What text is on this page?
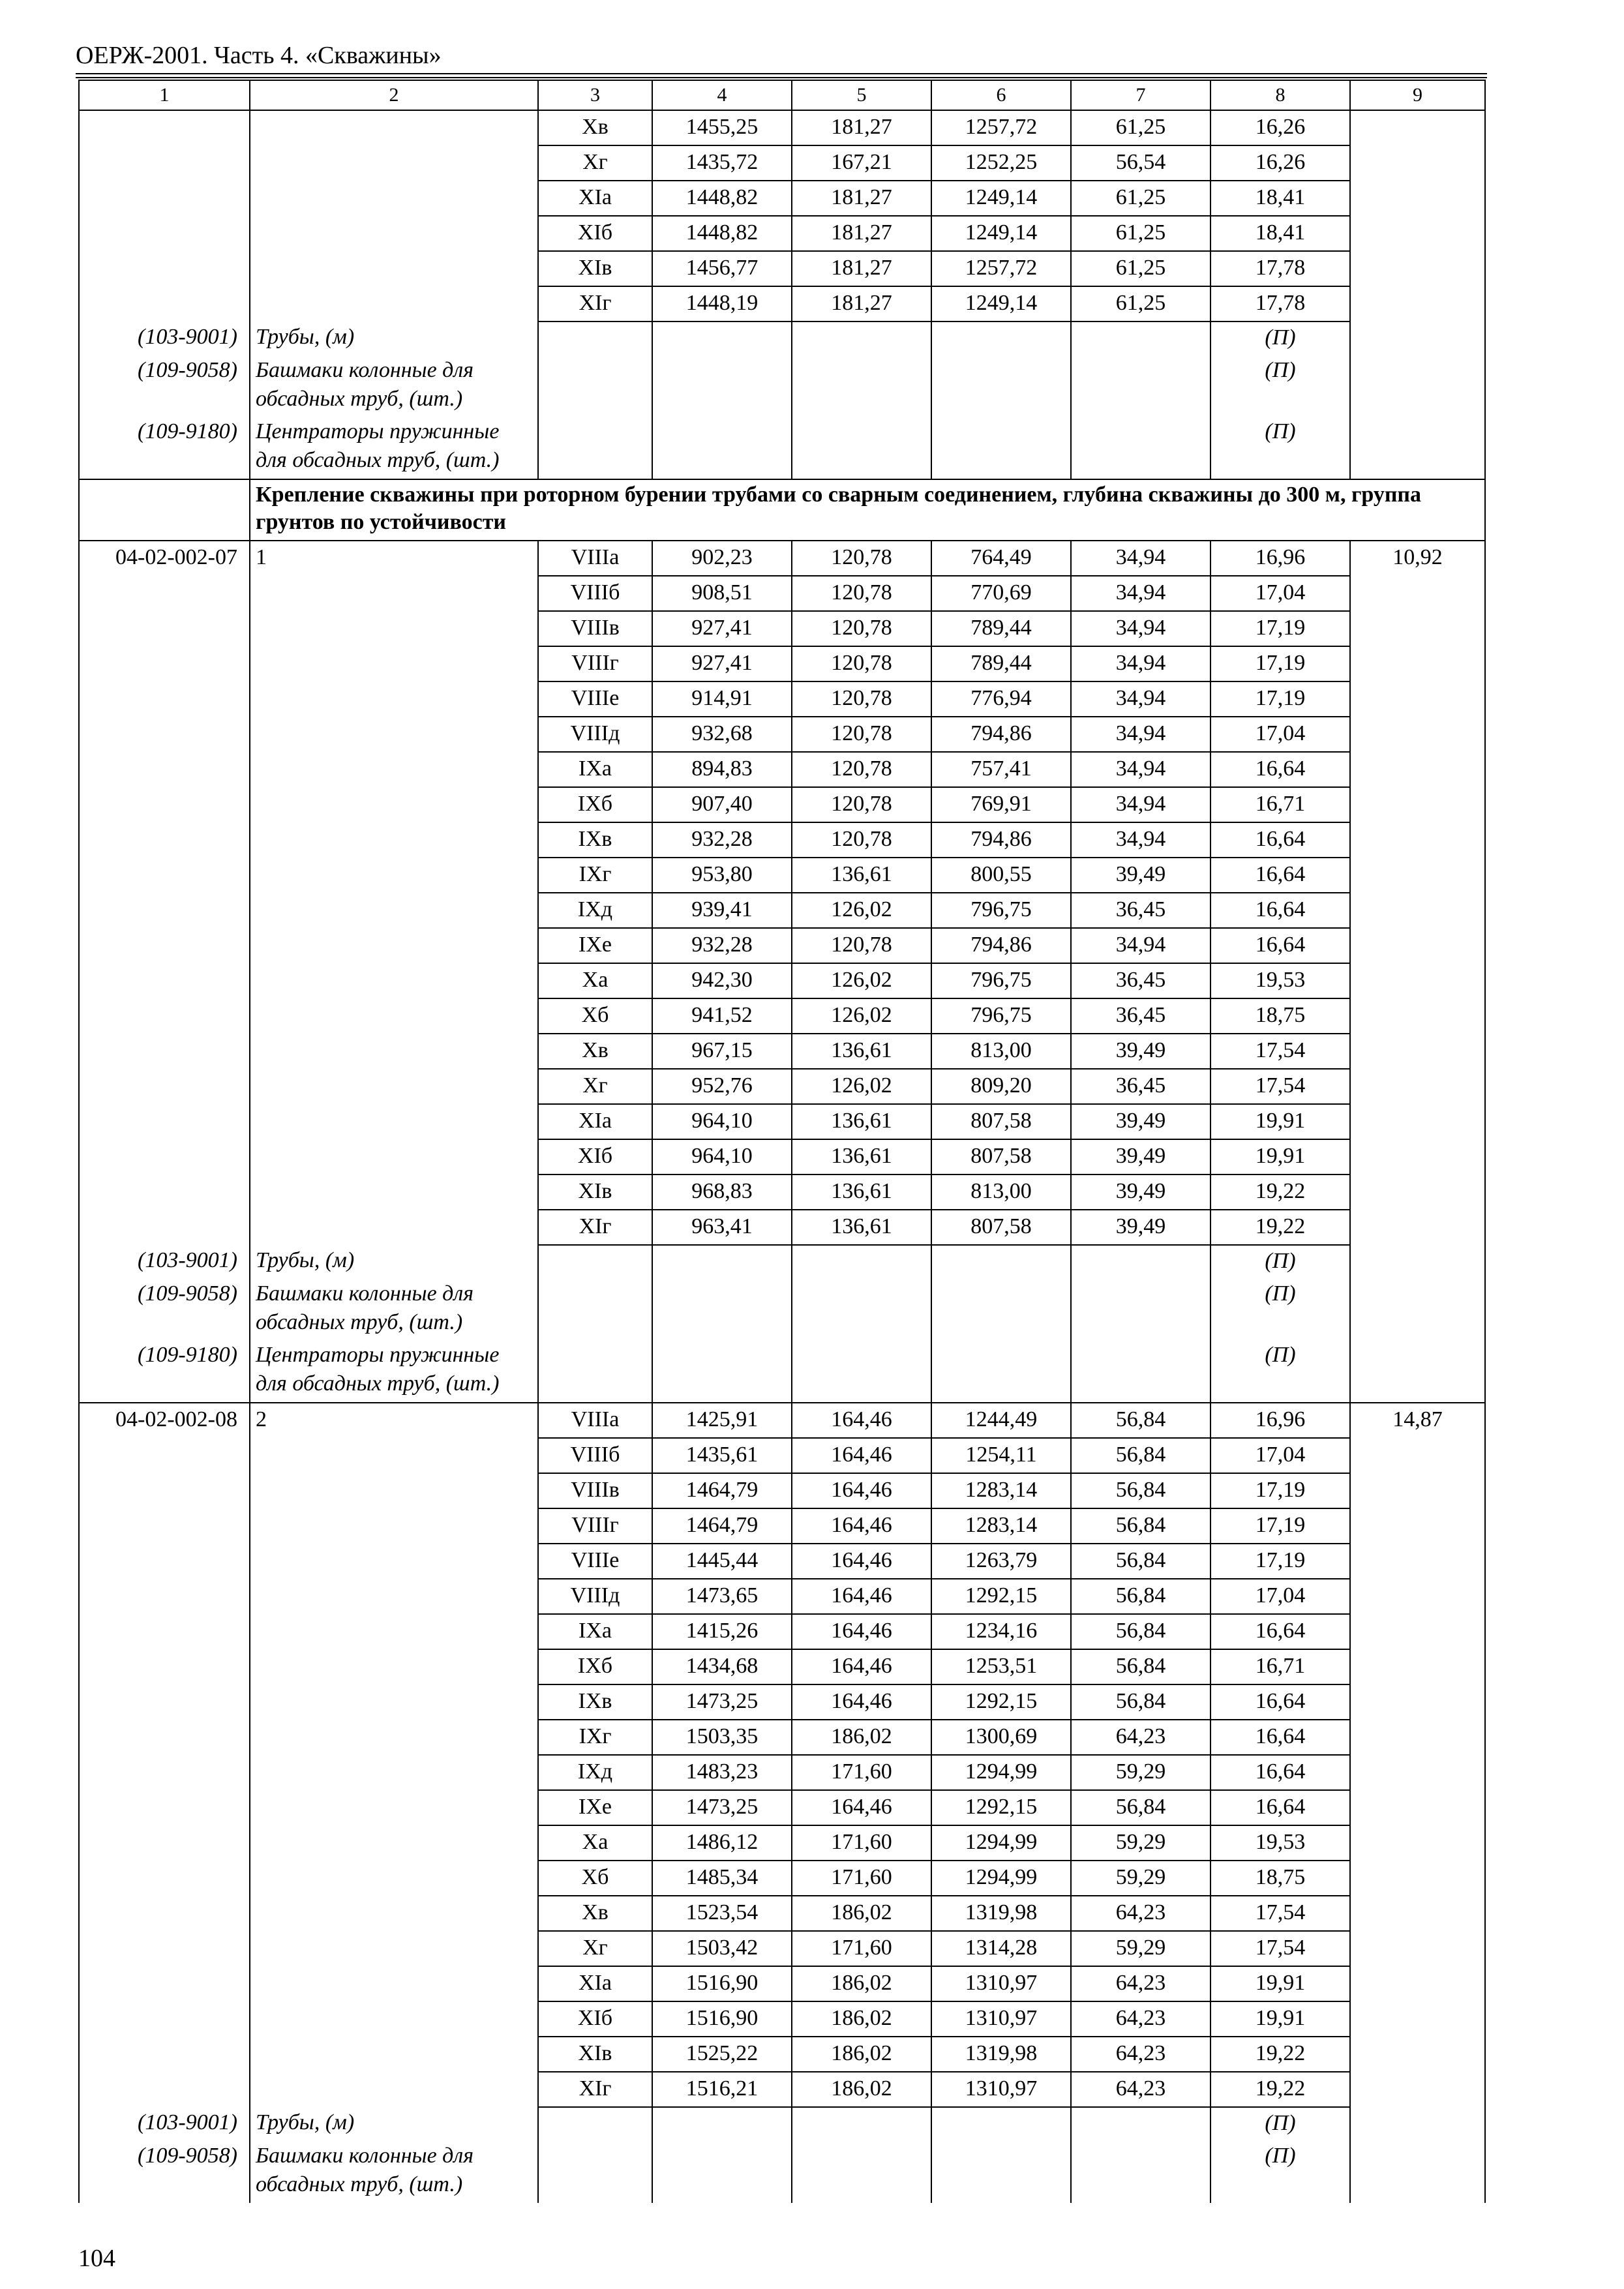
ОЕРЖ-2001. Часть 4. «Скважины»
1	2	3	4	5	6	7	8	9
		Хв	1455,25	181,27	1257,72	61,25	16,26	
		Хг	1435,72	167,21	1252,25	56,54	16,26	
		ХIа	1448,82	181,27	1249,14	61,25	18,41	
		ХIб	1448,82	181,27	1249,14	61,25	18,41	
		ХIв	1456,77	181,27	1257,72	61,25	17,78	
		ХIг	1448,19	181,27	1249,14	61,25	17,78	
(103-9001)	Трубы, (м)						(П)	
(109-9058)	Башмаки колонные для обсадных труб, (шт.)						(П)	
(109-9180)	Центраторы пружинные для обсадных труб, (шт.)						(П)	
	Крепление скважины при роторном бурении трубами со сварным соединением, глубина скважины до 300 м, группа грунтов по устойчивости							
04-02-002-07	1	VIIIа	902,23	120,78	764,49	34,94	16,96	10,92
		VIIIб	908,51	120,78	770,69	34,94	17,04	
		VIIIв	927,41	120,78	789,44	34,94	17,19	
		VIIIг	927,41	120,78	789,44	34,94	17,19	
		VIIIе	914,91	120,78	776,94	34,94	17,19	
		VIIIд	932,68	120,78	794,86	34,94	17,04	
		IХа	894,83	120,78	757,41	34,94	16,64	
		IХб	907,40	120,78	769,91	34,94	16,71	
		IХв	932,28	120,78	794,86	34,94	16,64	
		IХг	953,80	136,61	800,55	39,49	16,64	
		IХд	939,41	126,02	796,75	36,45	16,64	
		IХе	932,28	120,78	794,86	34,94	16,64	
		Ха	942,30	126,02	796,75	36,45	19,53	
		Хб	941,52	126,02	796,75	36,45	18,75	
		Хв	967,15	136,61	813,00	39,49	17,54	
		Хг	952,76	126,02	809,20	36,45	17,54	
		ХIа	964,10	136,61	807,58	39,49	19,91	
		ХIб	964,10	136,61	807,58	39,49	19,91	
		ХIв	968,83	136,61	813,00	39,49	19,22	
		ХIг	963,41	136,61	807,58	39,49	19,22	
(103-9001)	Трубы, (м)						(П)	
(109-9058)	Башмаки колонные для обсадных труб, (шт.)						(П)	
(109-9180)	Центраторы пружинные для обсадных труб, (шт.)						(П)	
04-02-002-08	2	VIIIа	1425,91	164,46	1244,49	56,84	16,96	14,87
		VIIIб	1435,61	164,46	1254,11	56,84	17,04	
		VIIIв	1464,79	164,46	1283,14	56,84	17,19	
		VIIIг	1464,79	164,46	1283,14	56,84	17,19	
		VIIIе	1445,44	164,46	1263,79	56,84	17,19	
		VIIIд	1473,65	164,46	1292,15	56,84	17,04	
		IХа	1415,26	164,46	1234,16	56,84	16,64	
		IХб	1434,68	164,46	1253,51	56,84	16,71	
		IХв	1473,25	164,46	1292,15	56,84	16,64	
		IХг	1503,35	186,02	1300,69	64,23	16,64	
		IХд	1483,23	171,60	1294,99	59,29	16,64	
		IХе	1473,25	164,46	1292,15	56,84	16,64	
		Ха	1486,12	171,60	1294,99	59,29	19,53	
		Хб	1485,34	171,60	1294,99	59,29	18,75	
		Хв	1523,54	186,02	1319,98	64,23	17,54	
		Хг	1503,42	171,60	1314,28	59,29	17,54	
		ХIа	1516,90	186,02	1310,97	64,23	19,91	
		ХIб	1516,90	186,02	1310,97	64,23	19,91	
		ХIв	1525,22	186,02	1319,98	64,23	19,22	
		ХIг	1516,21	186,02	1310,97	64,23	19,22	
(103-9001)	Трубы, (м)						(П)	
(109-9058)	Башмаки колонные для обсадных труб, (шт.)						(П)	
104
